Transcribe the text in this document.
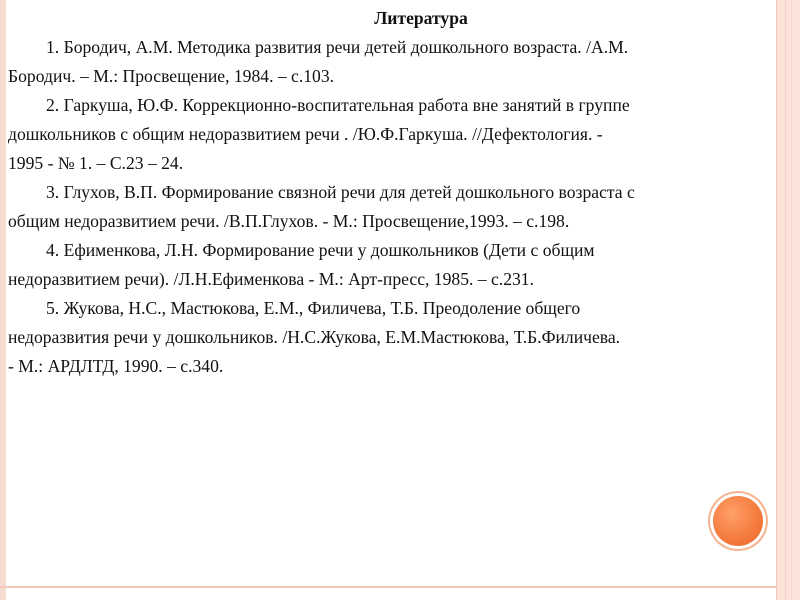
Литература
1. Бородич, А.М. Методика развития речи детей дошкольного возраста. /А.М.
Бородич. – М.: Просвещение, 1984. – с.103.
2. Гаркуша, Ю.Ф. Коррекционно-воспитательная работа вне занятий в группе
дошкольников с общим недоразвитием речи . /Ю.Ф.Гаркуша. //Дефектология. -
1995 - № 1. – С.23 – 24.
3. Глухов, В.П. Формирование связной речи для детей дошкольного возраста с
общим недоразвитием речи. /В.П.Глухов. - М.: Просвещение,1993. – с.198.
4. Ефименкова, Л.Н. Формирование речи у дошкольников (Дети с общим
недоразвитием речи). /Л.Н.Ефименкова - М.: Арт-пресс, 1985. – с.231.
5. Жукова, Н.С., Мастюкова, Е.М., Филичева, Т.Б. Преодоление общего
недоразвития речи у дошкольников. /Н.С.Жукова, Е.М.Мастюкова, Т.Б.Филичева.
- М.: АРДЛТД, 1990. – с.340.
